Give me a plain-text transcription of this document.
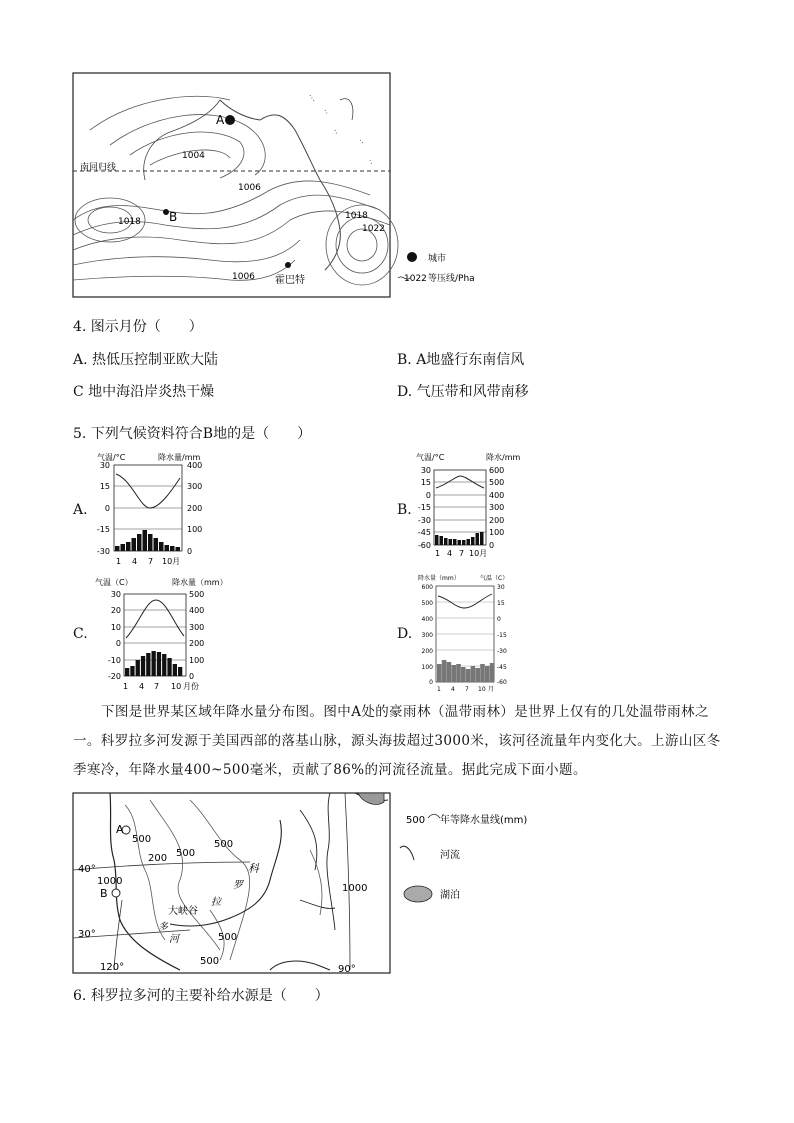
A
B
霍巴特
南回归线
1004
1006
1018
1018
1022
1006
城市
1022 等压线/Pha
4. 图示月份（　　）
A. 热低压控制亚欧大陆	B. A地盛行东南信风
C 地中海沿岸炎热干燥	D. 气压带和风带南移
5. 下列气候资料符合B地的是（　　）
A.	B.
C.	D.
气温/°C	降水量/mm
30
15
0
-15
-30
400
300
200
100
0
1 4 7 10月
气温/°C	降水/mm
30
15
0
-15
-30
-45
-60
600
500
400
300
200
100
0
1 4 7 10月
气温（C）	降水量（mm）
30
20
10
0
-10
-20
500
400
300
200
100
0
1 4 7 10 月份
降水量（mm）	气温（C）
600
500
400
300
200
100
0
30
15
0
-15
-30
-45
-60
1 4 7 10 月
下图是世界某区域年降水量分布图。图中A处的豪雨林（温带雨林）是世界上仅有的几处温带雨林之一。科罗拉多河发源于美国西部的落基山脉，源头海拔超过3000米，该河径流量年内变化大。上游山区冬季寒冷，年降水量400~500毫米，贡献了86%的河流径流量。据此完成下面小题。
A
B
40°
30°
120°	90°
500
200 500
1000
500
1000
500
500
科
罗
拉
多
河
大峡谷
500 年等降水量线(mm)
河流
湖泊
6. 科罗拉多河的主要补给水源是（　　）
